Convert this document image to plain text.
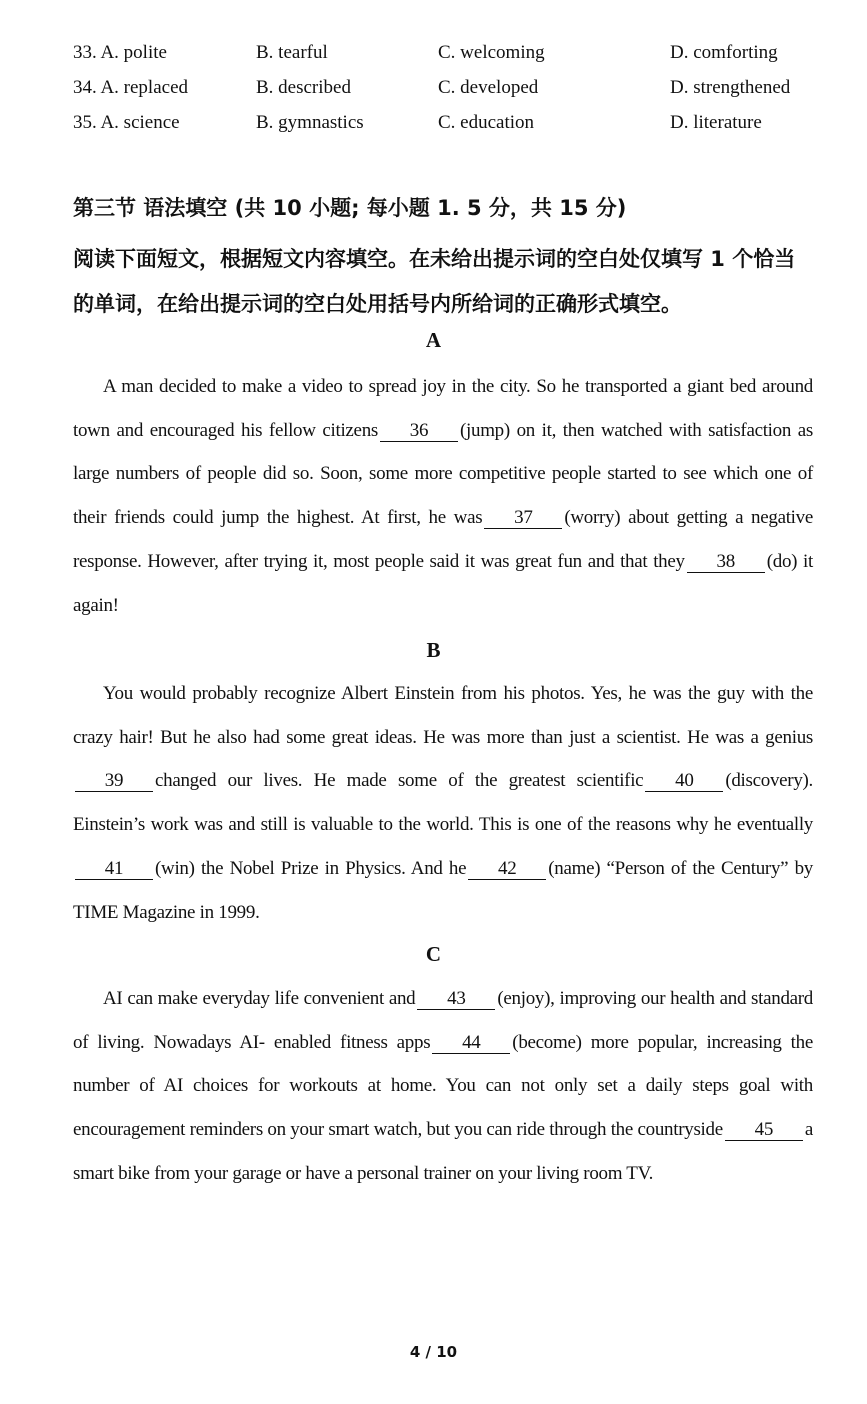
33. A. polite	B. tearful	C. welcoming	D. comforting
34. A. replaced	B. described	C. developed	D. strengthened
35. A. science	B. gymnastics	C. education	D. literature
第三节 语法填空 (共 10 小题; 每小题 1. 5 分，共 15 分)
阅读下面短文，根据短文内容填空。在未给出提示词的空白处仅填写 1 个恰当的单词，在给出提示词的空白处用括号内所给词的正确形式填空。
A
A man decided to make a video to spread joy in the city. So he transported a giant bed around town and encouraged his fellow citizens 36 (jump) on it, then watched with satisfaction as large numbers of people did so. Soon, some more competitive people started to see which one of their friends could jump the highest. At first, he was 37 (worry) about getting a negative response. However, after trying it, most people said it was great fun and that they 38 (do) it again!
B
You would probably recognize Albert Einstein from his photos. Yes, he was the guy with the crazy hair! But he also had some great ideas. He was more than just a scientist. He was a genius39 changed our lives. He made some of the greatest scientific 40 (discovery). Einstein’s work was and still is valuable to the world. This is one of the reasons why he eventually41 (win) the Nobel Prize in Physics. And he 42 (name) “Person of the Century” by TIME Magazine in 1999.
C
AI can make everyday life convenient and 43 (enjoy), improving our health and standard of living. Nowadays AI- enabled fitness apps 44 (become) more popular, increasing the number of AI choices for workouts at home. You can not only set a daily steps goal with encouragement reminders on your smart watch, but you can ride through the countryside 45 a smart bike from your garage or have a personal trainer on your living room TV.
4 / 10
